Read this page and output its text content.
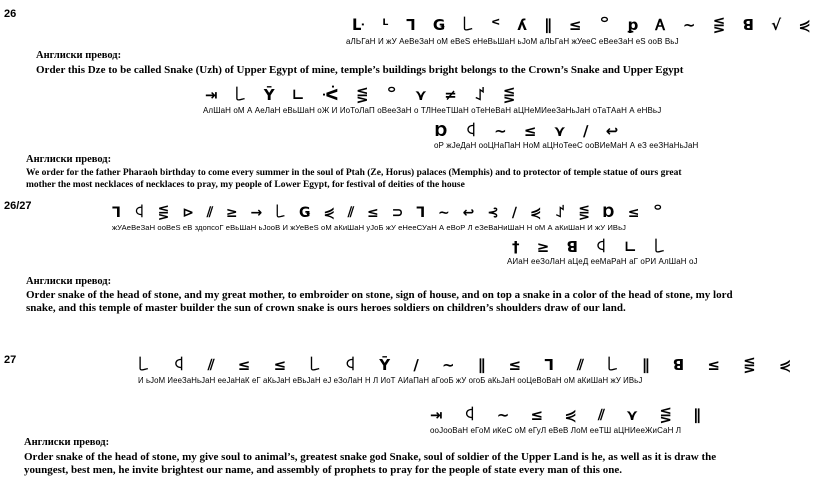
26
ᒷ ᒻ Ꞁ Ǥ ꒒ ᑉ ʎ ∥ ≤ ꒪ ꝑ Ꭺ ∼ ⋚ ꓭ √ ⋞
аЛЬГаН И жУ АеВеЗаН оМ еВеЅ еНеВьШаН ьJоМ аЛЬГаН жУееС еВееЗаН еЅ ооВ ВьJ
Англиски превод:
Order this Dze to be called Snake (Uzh) of Upper Egypt of mine, temple’s buildings bright belongs to the Crown’s Snake and Upper Egypt
⇥ ꒒ Ȳ ∟ ᑆ ⋚ ꒪ ⋎ ≠ ꒘ ⋚
АлШаН оМ А АеЛаН еВьШаН оЖ И ИоТоЛаП оВееЗаН о ТЛНееТШаН оТеНеВаН аЦНеМИееЗаНьJаН оТаТАаН А еНВьJ
Ɒ ꒉ ∼ ≤ ⋎ ∕ ↩
оР жЈеДаН ооЦНаПаН НоМ аЦНоТееС ооВИеМаН А еЗ ееЗНаНьJаН
Англиски превод:
We order for the father Pharaoh birthday to come every summer in the soul of Ptah (Ze, Horus) palaces (Memphis) and to protector of temple statue of ours great mother the most necklaces of necklaces to pray, my people of Lower Egypt, for festival of deities of the house
26/27	Ꞁ ꒉ ⋚ ⊳ ⫽ ≥ → ꒒ Ǥ ⋞ ⫽ ≤ ⊃ Ꞁ ∼ ↩ ⊰ ∕ ⋞ ꒘ ⋚ Ɒ ≤ ꒪
жУАеВеЗаН ооВеЅ еВ здопсоГ еВьШаН ьJооВ И жУеВеЅ оМ аКиШаН уJоБ жУ еНееСУаН А еВоР Л еЗеВаНиШаН Н оМ А аКиШаН И жУ ИВьJ
† ≥ ꓭ ꒉ ∟ ꒒
АИаН ееЗоЛаН аЦеД ееМаРаН аГ оРИ АлШаН оJ
Англиски превод:
Order snake of the head of stone, and my great mother, to embroider on stone, sign of house, and on top a snake in a color of the head of stone, my lord snake, and this temple of master builder the sun of crown snake is ours heroes soldiers on children’s shoulders draw of our land.
27	꒒ ꒉ ⫽ ≤ ≤ ꒒ ꒉ Ȳ ∕ ∼ ∥ ≤ Ꞁ ⫽ ꒒ ∥ ꓭ ≤ ⋚ ⋞
И ьJоМ ИееЗаНьJаН ееJаНаК еГ аКьJаН еВьJаН еJ еЗоЛаН Н Л ИоТ АИаПаН аГооБ жУ огоБ аКьJаН ооЦеВоВаН оМ аКиШаН жУ ИВьJ
⇥ ꒉ ∼ ≤ ⋞ ⫽ ⋎ ⋚ ∥
ооJооВаН еГоМ иКеС оМ еГуЛ еВеВ ЛоМ ееТШ аЦНИееЖиСаН Л
Англиски превод:
Order snake of the head of stone, my give soul to animal’s, greatest snake god Snake, soul of soldier of the Upper Land is he, as well as it is draw the youngest, best men, he invite brightest our name, and assembly of prophets to pray for the people of state every man of this one.
